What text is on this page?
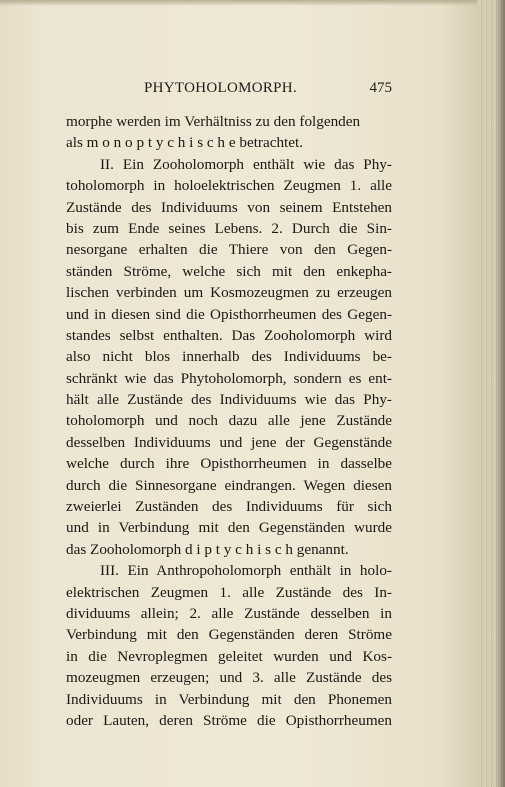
PHYTOHOLOMORPH.	475
morphe werden im Verhältniss zu den folgenden
als m o n o p t y c h i s c h e betrachtet.
II. Ein Zooholomorph enthält wie das Phy-
toholomorph in holoelektrischen Zeugmen 1. alle
Zustände des Individuums von seinem Entstehen
bis zum Ende seines Lebens. 2. Durch die Sin-
nesorgane erhalten die Thiere von den Gegen-
ständen Ströme, welche sich mit den enkepha-
lischen verbinden um Kosmozeugmen zu erzeugen
und in diesen sind die Opisthorrheumen des Gegen-
standes selbst enthalten. Das Zooholomorph wird
also nicht blos innerhalb des Individuums be-
schränkt wie das Phytoholomorph, sondern es ent-
hält alle Zustände des Individuums wie das Phy-
toholomorph und noch dazu alle jene Zustände
desselben Individuums und jene der Gegenstände
welche durch ihre Opisthorrheumen in dasselbe
durch die Sinnesorgane eindrangen. Wegen diesen
zweierlei Zuständen des Individuums für sich
und in Verbindung mit den Gegenständen wurde
das Zooholomorph d i p t y c h i s c h genannt.
III. Ein Anthropoholomorph enthält in holo-
elektrischen Zeugmen 1. alle Zustände des In-
dividuums allein; 2. alle Zustände desselben in
Verbindung mit den Gegenständen deren Ströme
in die Nevroplegmen geleitet wurden und Kos-
mozeugmen erzeugen; und 3. alle Zustände des
Individuums in Verbindung mit den Phonemen
oder Lauten, deren Ströme die Opisthorrheumen
